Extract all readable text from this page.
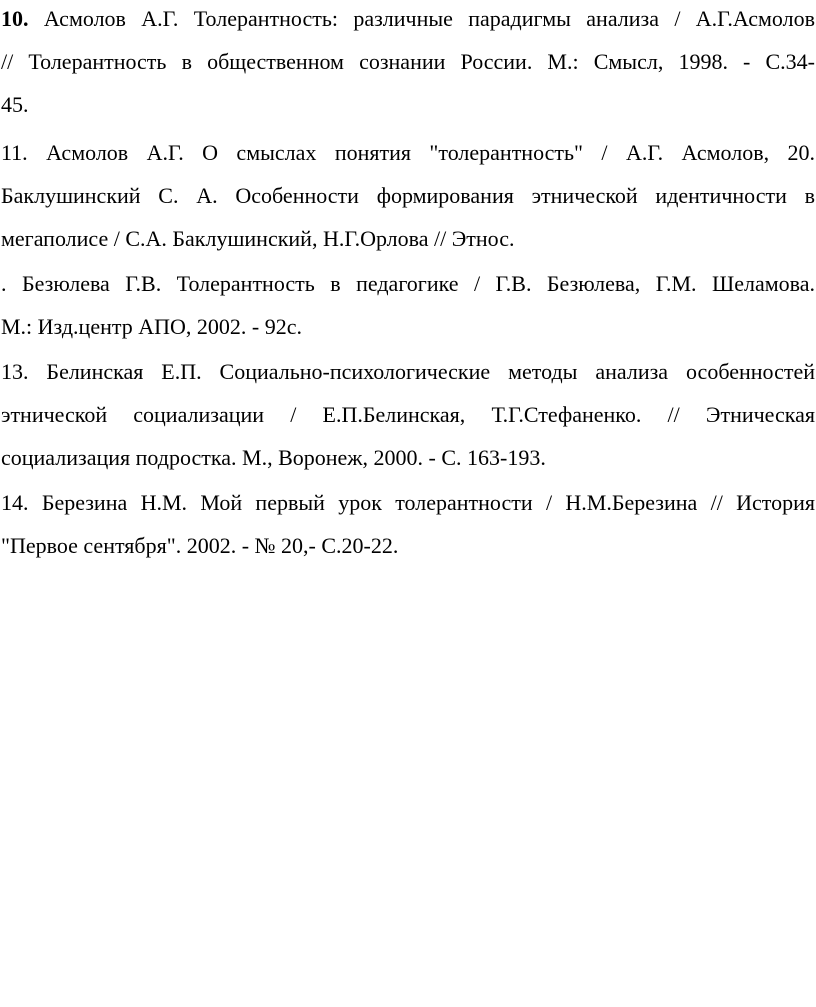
10. Асмолов А.Г. Толерантность: различные парадигмы анализа / А.Г.Асмолов
// Толерантность в общественном сознании России. М.: Смысл, 1998. - С.34-
45.
11. Асмолов А.Г. О смыслах понятия "толерантность" / А.Г. Асмолов, 20.
Баклушинский С. А. Особенности формирования этнической идентичности в
мегаполисе / С.А. Баклушинский, Н.Г.Орлова // Этнос.
. Безюлева Г.В. Толерантность в педагогике / Г.В. Безюлева, Г.М. Шеламова.
М.: Изд.центр АПО, 2002. - 92с.
13. Белинская Е.П. Социально-психологические методы анализа особенностей
этнической социализации / Е.П.Белинская, Т.Г.Стефаненко. // Этническая
социализация подростка. М., Воронеж, 2000. - С. 163-193.
14. Березина Н.М. Мой первый урок толерантности / Н.М.Березина // История
"Первое сентября". 2002. - № 20,- С.20-22.
